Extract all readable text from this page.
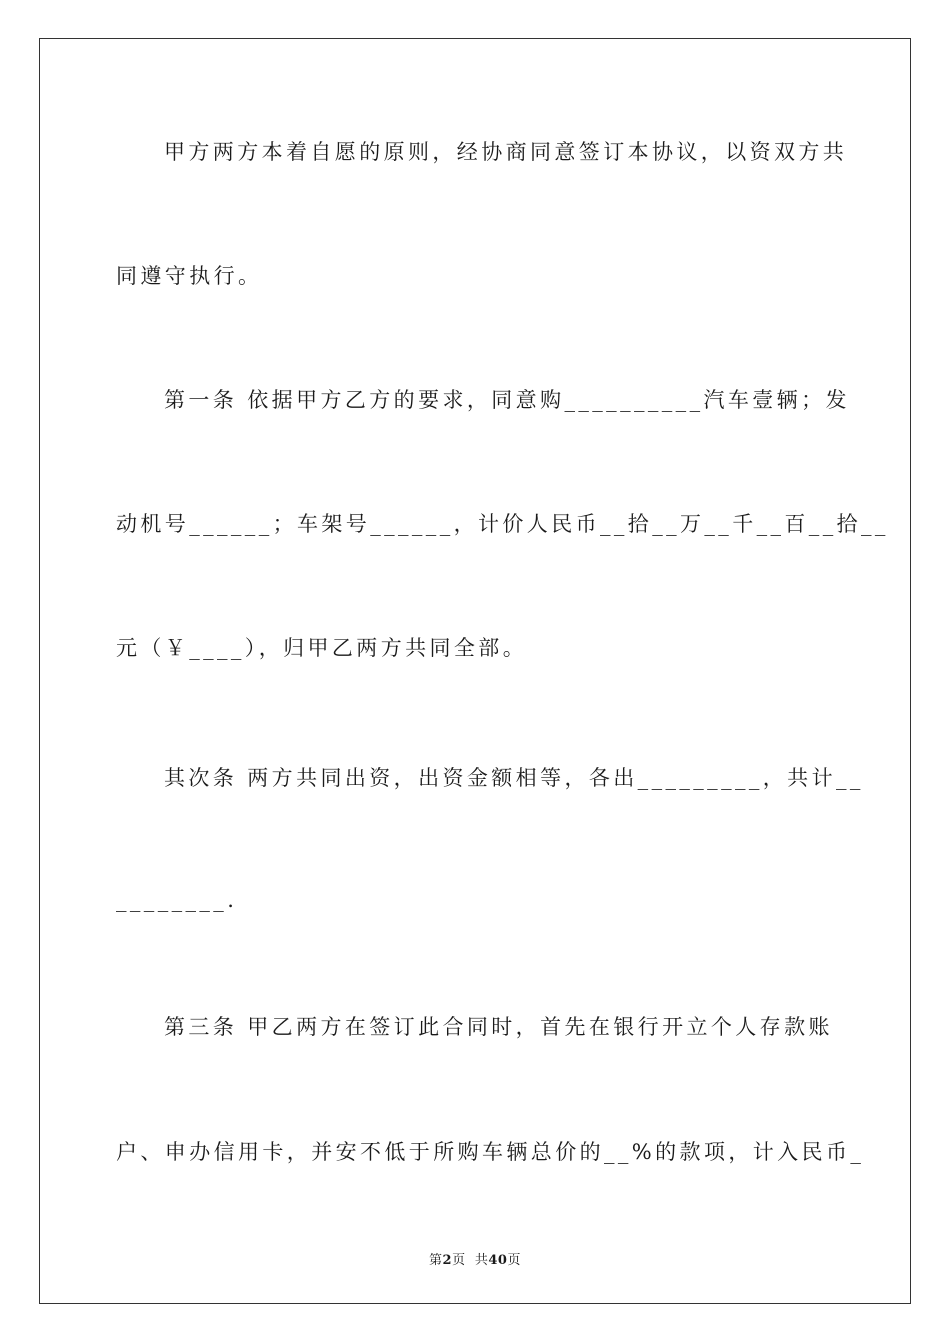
甲方两方本着自愿的原则，经协商同意签订本协议，以资双方共
同遵守执行。
第一条 依据甲方乙方的要求，同意购__________汽车壹辆；发
动机号______；车架号______，计价人民币__拾__万__千__百__拾__
元（￥____），归甲乙两方共同全部。
其次条 两方共同出资，出资金额相等，各出_________，共计__
________.
第三条 甲乙两方在签订此合同时，首先在银行开立个人存款账
户、申办信用卡，并安不低于所购车辆总价的__%的款项，计入民币_
第2页  共40页
